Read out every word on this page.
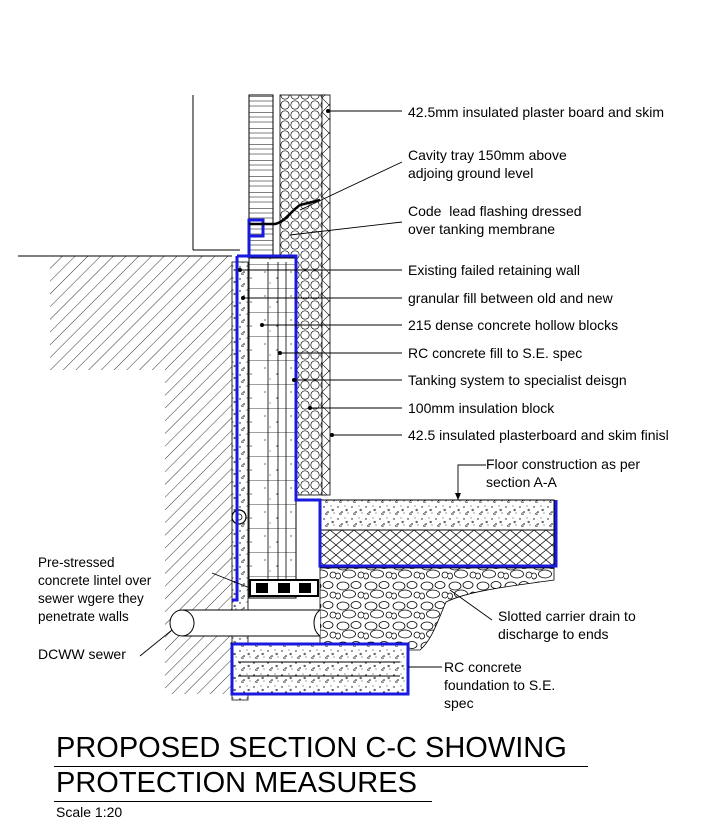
42.5mm insulated plaster board and skim
Cavity tray 150mm above
adjoing ground level
Code  lead flashing dressed
over tanking membrane
Existing failed retaining wall
granular fill between old and new
215 dense concrete hollow blocks
RC concrete fill to S.E. spec
Tanking system to specialist deisgn
100mm insulation block
42.5 insulated plasterboard and skim finisl
Floor construction as per
section A-A
Pre-stressed
concrete lintel over
sewer wgere they
penetrate walls	Slotted carrier drain to
discharge to ends
DCWW sewer
RC concrete
foundation to S.E.
spec
PROPOSED SECTION C-C SHOWING
PROTECTION MEASURES
Scale 1:20
